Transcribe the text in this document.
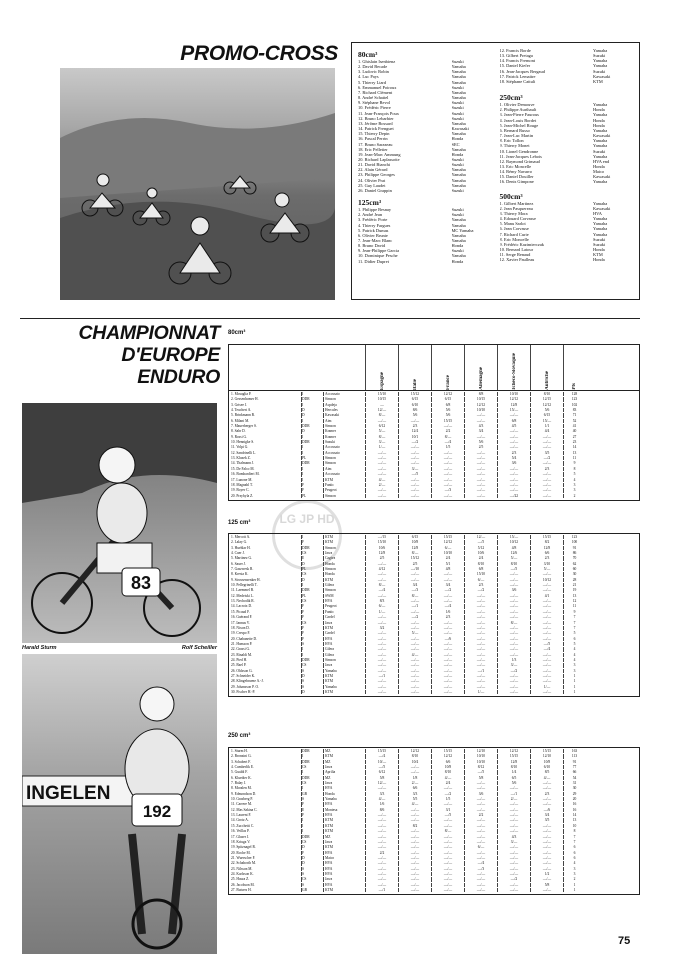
PROMO-CROSS	80cm³
1. Ghislain Isenbienz	Suzuki
2. David Becade	Yamaha
3. Ludovic Robin	Yamaha
4. Luc Pays	Yamaha
5. Thierry Liard	Yamaha
6. Emmanuel Poiroux	Suzuki
7. Richard Clément	Yamaha
8. André Schattel	Yamaha
9. Stéphane Revol	Suzuki
10. Frédéric Pierre	Suzuki
11. Jean-François Poux	Suzuki
12. Bruno Lebarbier	Suzuki
13. Jérôme Bossard	Yamaha
14. Patrick Frenguet	Kawasaki
15. Thierry Depin	Yamaha
16. Pascal Perrin	Honda
17. Bruno Sarazeau	SEC
18. Eric Pelletier	Yamaha
19. Jean-Marc Ammung	Honda
20. Richard Laplassotte	Suzuki
21. David Bianchi	Suzuki
22. Alain Gérard	Yamaha
23. Philippe Georges	Yamaha
24. Olivier Prat	Yamaha
25. Guy Laudet	Yamaha
26. Daniel Grappin	Suzuki
125cm³
1. Philippe Besnay	Suzuki
2. André Jean	Suzuki
3. Frédéric Porte	Yamaha
4. Thierry Fargues	Yamaha
5. Patrick Dumas	MC Yamaha
6. Olivier Brunie	Yamaha
7. Jean-Marc Blanc	Yamaha
8. Bruno David	Honda
9. Jean-Philippe Garcia	Suzuki
10. Dominique Pesche	Yamaha
11. Didier Dupret	Honda
12. Francis Borde	Yamaha
13. Gilbert Pretaga	Suzuki
14. Francis Fremont	Yamaha
15. Daniel Kiefer	Yamaha
16. Jean-Jacques Bergaud	Suzuki
17. Patrick Lemaitre	Kawasaki
18. Stéphane Cattuli	KTM
250cm³
1. Olivier Demouve	Yamaha
2. Philippe Aurthault	Honda
3. Jean-Pierre Faurous	Yamaha
4. Jean-Louis Bordet	Honda
5. Jean-Michel Rouge	Honda
6. Bernard Russo	Yamaha
7. Jean-Luc Martin	Kawasaki
8. Eric Tollon	Yamaha
9. Thierry Monet	Yamaha
10. Lionel Gendronne	Suzuki
11. Jean-Jacques Lebois	Yamaha
12. Raymond Grimaud	HVA end
13. Eric Moncelle	Honda
14. Rémy Navarro	Maico
15. Daniel Douiller	Kawasaki
16. Denis Gimpone	Yamaha
500cm³
1. Gilbert Martinez	Yamaha
2. Jean Pasquereau	Kawasaki
3. Thierry Mora	HVA
4. Edouard Corvasse	Yamaha
5. Manu Sarlot	Yamaha
6. Jean Corvasse	Yamaha
7. Richard Curie	Yamaha
8. Eric Moncelle	Suzuki
9. Frédéric Kazimierczak	Suzuki
10. Bernard Latour	Honda
11. Serge Renaud	KTM
12. Xavier Paulleau	Honda
CHAMPIONNAT
D'EUROPE
ENDURO
83
Harald Sturm	Rolf Scheiller
INGELEN
192
LG JP HD
80cm³
Espagne	Italie	France	Allemagne	Tchéco-Slovaquie	Autriche	Pts
1. Mosaglia P.	I	Accossato	15/10	15/12	12/12	8/8	10/10	8/10	128
2. Gessenhomer H.	DDR	Simson	10/15	6/15	6/15	10/15	12/12	12/15	123
3. Grisee J.	I	Aspdeja	—	6/10	6/8	12/12	12/8	12/12	102
4. Teuchert A.	D	Hercules	12/—	8/6	5/6	10/10	15/—	5/6	83
5. Brinkmann B.	D	Kawasaki	8/—	5/6	5/6	—/—	—/—	6/15	71
6. Milani M.	I	Aim	—/—	—/—	15/15	—/—	6/8	15/—	52
7. Mauerberger S.	DDR	Simson	6/12	2/3	—/—	4/3	4/5	1/1	41
8. Sahr D.	D	Kramer	5/—	12/4	2/2	3/4	—/—	4/4	40
9. Rossi G.	I	Kramer	8/—	10/1	8/—	—/—	—/—	—/—	27
10. Hennigke S.	DDR	Suzuki	3/—	—/2	—/4	5/6	—/—	—/—	23
11. Volpi G.	I	Accossato	1/—	—/—	1/5	2/5	—/—	—/—	14
12. Sandrinelli L.	I	Accossato	—/—	—/—	—/—	—/—	2/3	3/5	13
13. Kluzek Z.	PL	Simson	—/—	—/—	—/—	—/—	5/4	—/2	11
14. Thalmann J.	DDR	Simson	—/—	—/—	—/—	—/—	3/6	—/—	9
15. De Falco M.	I	Aim	—/—	3/—	—/—	—/—	—/—	2/3	8
16. Bombardieri M.	I	Accossato	—/—	—/5	—/—	—/—	—/—	—/—	5
17. Lunone M.	I	KTM	4/—	—/—	—/—	—/—	—/—	—/—	4
18. Magnabl T.	F	Fantic	2/—	—/—	—/—	—/—	—/—	—/—	3
19. Boyer C.	F	Peugeot	—/—	—/—	—/3	—/—	—/—	—/—	3
20. Przybyla Z.	PL	Simson	—/—	—/—	—/—	—/—	—/22	—/—	2
125 cm³
1. Mercott A.	I	KTM	—/15	6/15	15/15	12/—	15/—	15/15	123
2. Lalay G.	F	KTM	15/10	10/8	12/12	—/5	10/12	8/2	100
3. Huehlar H.	DDR	Simson	10/6	12/8	6/—	5/12	4/8	12/8	91
4. Cuer J.	CS	Jawa	12/8	8/—	10/10	10/6	12/6	6/6	86
5. Martinez G.	E	Cagiva	2/5	15/12	2/4	2/4	5/—	2/3	70
6. Sauer J.	D	Honda	—/—	2/5	5/1	8/10	8/10	3/10	62
7. Gaszwesk R.	PL	Simson	4/12	—/10	4/8	6/8	—/5	5/—	60
8. Kresta K.	CS	Honda	—/—	—/—	—/—	15/10	—/—	—/—	30
9. Strossensenker H.	D	KTM	—/—	—/—	—/—	6/—	—/—	10/12	28
10. Pellegrinelli T.	I	Gilera	8/—	3/4	3/4	2/3	—/—	—/—	21
11. Laemmel B.	DDR	Simson	—/4	—/3	—/2	—/2	3/6	—/—	19
12. Medeiski L.	PL	SWM	—/—	8/—	—/—	—/—	—/—	4/1	13
13. Nechodik R.	CS	HVA	8/3	—/—	—/—	—/—	—/—	—/—	12
14. Lacroix D.	F	Peugeot	6/—	—/1	—/4	—/—	—/—	—/—	11
15. Picaud F.	F	Fantic	1/—	—/—	1/6	—/—	—/—	—/—	9
16. Guérand F.	F	Cardel	—/—	—/2	2/3	—/—	—/—	—/—	7
17. Iannus V.	CS	Jawa	—/—	—/—	—/—	—/—	8/—	—/—	7
18. Nixon D.	F	KTM	3/2	—/—	—/—	—/—	—/—	—/—	7
19. Crespo F.	F	Cardel	—/—	5/—	—/—	—/—	—/—	—/—	5
20. Chabanette D.	F	HVA	—/—	—/—	—/6	—/—	—/—	—/—	6
21. Hansson P.	S	HVA	—/—	—/—	—/—	—/—	—/—	—/5	5
22. Grassi G.	I	Gilera	—/—	—/—	—/—	—/—	—/—	—/4	4
23. Rinaldi M.	I	Gilera	—/—	4/—	—/—	—/—	—/—	—/—	4
24. Pied H.	DDR	Simson	—/—	—/—	—/—	—/—	1/3	—/—	4
25. Bael P.	CS	Jawa	—/—	—/—	—/—	—/—	3/—	—/—	3
26. Ohlsson G.	S	Yamaha	—/—	—/—	—/—	—/1	—/2	—/—	3
27. Schneider K.	D	KTM	—/1	—/—	—/—	—/—	—/—	—/—	1
28. Klingebruene A.-J.	S	KTM	—/—	—/—	—/—	—/—	—/—	—/—	1
29. Johansson P. O.	S	Yamaha	—/—	—/—	—/—	—/—	—/—	1/—	1
30. Fischer H.-P.	D	KTM	—/—	—/—	—/—	1/—	—/—	—/—	1
250 cm³
1. Sturm H.	DDR	MZ	15/15	12/12	15/15	12/10	12/12	15/15	163
2. Bronzini G.	I	KTM	—/4	8/10	12/12	10/10	15/15	12/10	113
3. Schubert F.	DDR	MZ	10/—	10/4	6/6	10/10	12/8	10/8	91
4. Cumberlik E.	CS	Jawa	—/5	—/—	10/8	8/12	8/10	6/10	77
5. Gualdi F.	I	Aprilia	6/12	—/—	8/10	—/5	1/4	8/5	66
6. Kluedter K.	DDR	MZ	5/8	1/8	4/—	5/8	6/5	4/—	54
7. Balay J.	CS	Jawa	12/—	2/—	2/4	—/—	5/6	—/—	31
8. Moralen M.	I	HVA	—/—	6/6	—/—	—/—	—/—	—/—	30
9. Edmondson D.	GB	Honda	3/3	3/3	—/2	3/6	—/1	2/3	29
10. Grasberg P.	S	Yamaha	4/—	5/5	1/5	—/—	2/—	—/—	20
11. Carrere M.	F	HVA	1/6	4/—	—/—	—/—	—/—	—/—	16
12. Mas Sakina C.	E	Montesa	8/6	—/—	3/1	—/—	—/—	—/6	16
13. Laurent F.	F	HVA	—/—	—/—	—/5	2/2	—/—	3/4	14
14. Grotz A.	I	KTM	—/—	—/—	—/—	—/—	—/—	3/5	13
15. Zucchetti C.	I	KTM	—/—	8/2	—/—	—/—	—/—	—/—	10
16. Veillas P.	I	KTM	—/—	—/—	8/—	—/—	—/—	—/—	8
17. Gluser J.	DDR	MZ	—/—	—/—	—/—	—/—	4/3	—/—	7
18. Kriuga V.	CS	Jawa	—/—	—/—	—/—	—/—	3/—	—/—	7
19. Spitznagel R.	D	KTM	—/—	—/—	—/—	6/—	—/—	—/—	6
20. Roche M.	F	HVA	2/2	—/—	—/—	—/—	—/—	—/—	6
21. Wuerscher F.	D	Maico	—/—	—/—	—/—	—/—	—/—	—/—	6
22. Schaborth M.	D	HVA	—/—	—/—	—/—	—/4	—/—	—/—	4
23. Nilsson M.	S	HVA	—/—	—/—	—/—	—/3	—/—	—/—	3
24. Karlsson K.	S	HVA	—/—	—/—	—/—	—/—	—/—	1/2	3
25. Hasza Z.	CS	Jawa	—/—	—/—	—/—	—/—	—/2	—/—	2
26. Jacobson M.	S	HVA	—/—	—/—	—/—	—/—	—/—	5/8	1
27. Butsers H.	GB	KTM	—/1	—/—	—/—	—/—	—/—	—/—	1
75
